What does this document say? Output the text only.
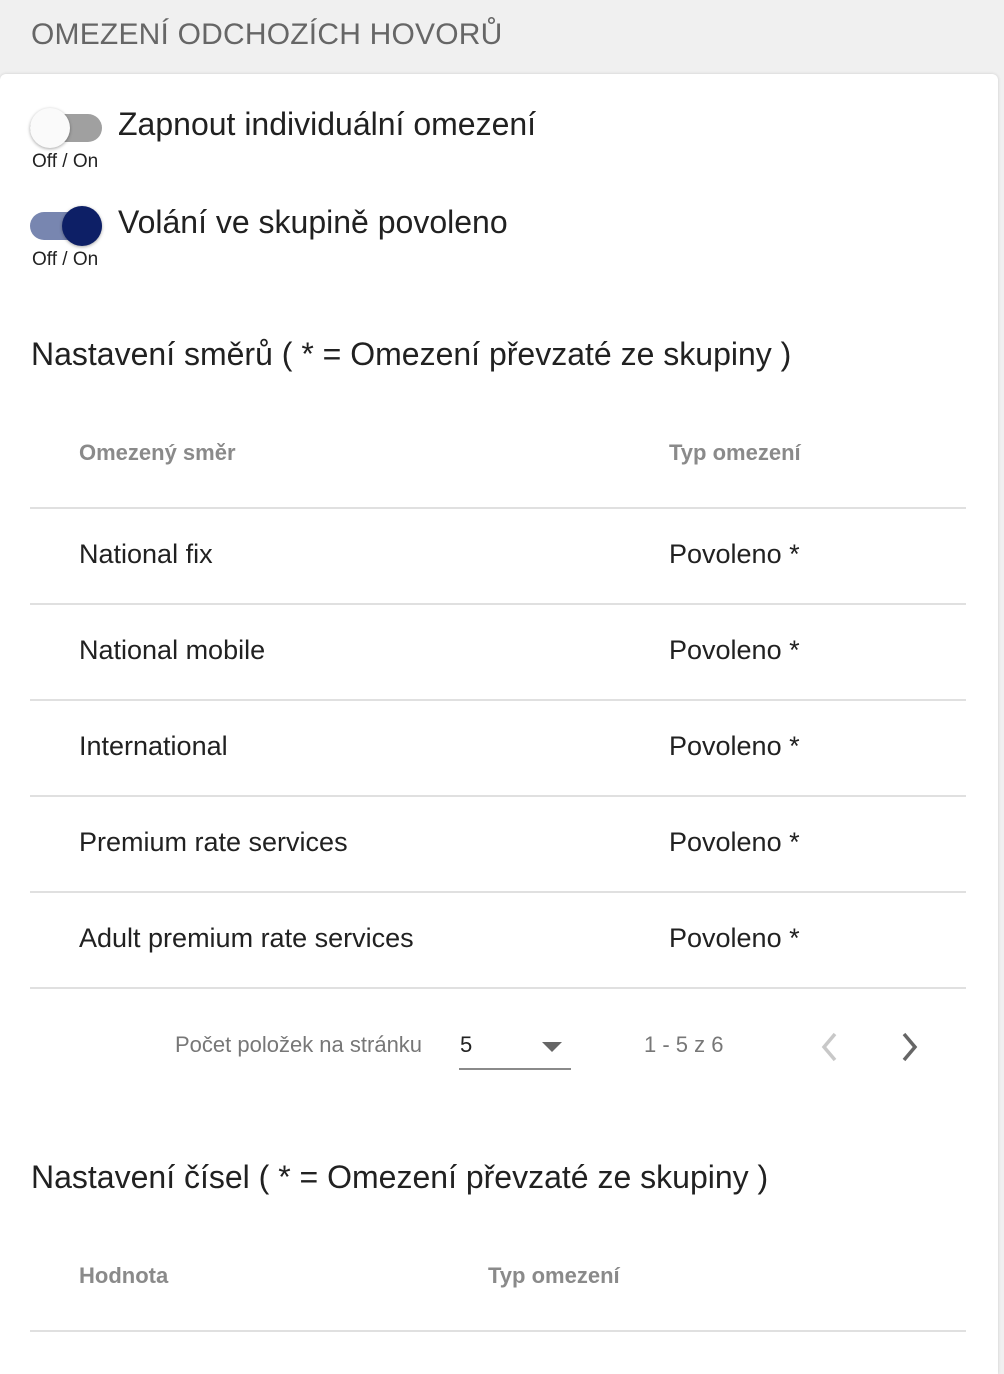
OMEZENÍ ODCHOZÍCH HOVORŮ
Zapnout individuální omezení
Off / On
Volání ve skupině povoleno
Off / On
Nastavení směrů ( * = Omezení převzaté ze skupiny )
Omezený směr	Typ omezení
National fix	Povoleno *
National mobile	Povoleno *
International	Povoleno *
Premium rate services	Povoleno *
Adult premium rate services	Povoleno *
Počet položek na stránku 5	1 - 5 z 6
Nastavení čísel ( * = Omezení převzaté ze skupiny )
Hodnota	Typ omezení
